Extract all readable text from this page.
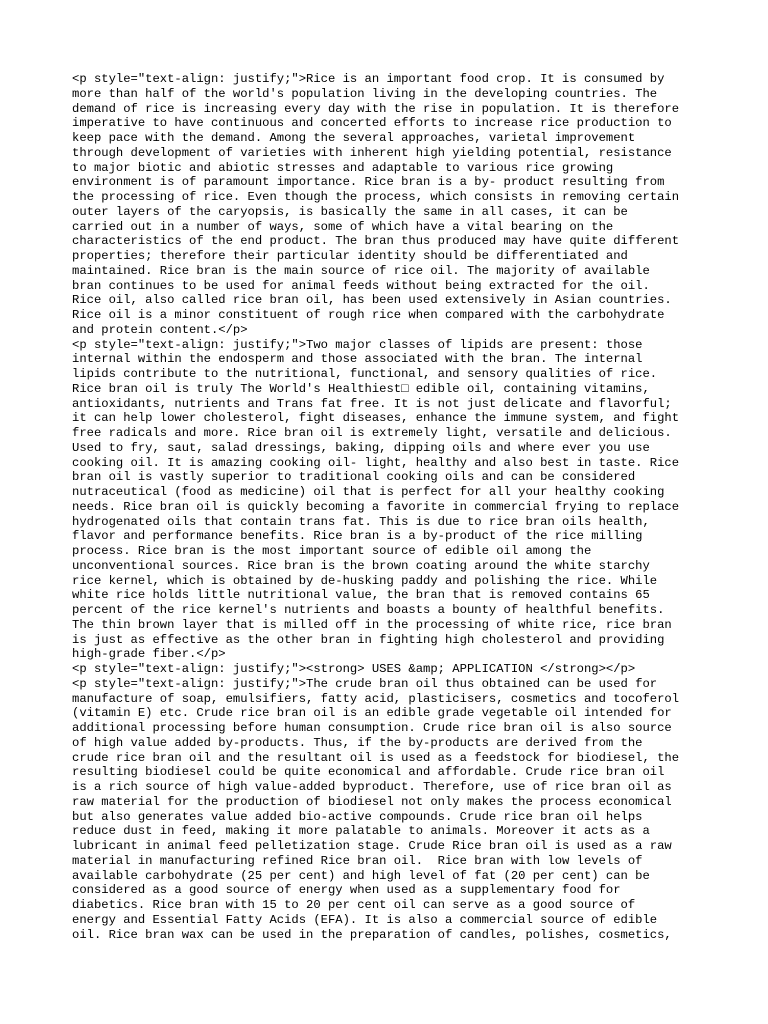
<p style="text-align: justify;">Rice is an important food crop. It is consumed by
more than half of the world's population living in the developing countries. The
demand of rice is increasing every day with the rise in population. It is therefore
imperative to have continuous and concerted efforts to increase rice production to
keep pace with the demand. Among the several approaches, varietal improvement
through development of varieties with inherent high yielding potential, resistance
to major biotic and abiotic stresses and adaptable to various rice growing
environment is of paramount importance. Rice bran is a by- product resulting from
the processing of rice. Even though the process, which consists in removing certain
outer layers of the caryopsis, is basically the same in all cases, it can be
carried out in a number of ways, some of which have a vital bearing on the
characteristics of the end product. The bran thus produced may have quite different
properties; therefore their particular identity should be differentiated and
maintained. Rice bran is the main source of rice oil. The majority of available
bran continues to be used for animal feeds without being extracted for the oil.
Rice oil, also called rice bran oil, has been used extensively in Asian countries.
Rice oil is a minor constituent of rough rice when compared with the carbohydrate
and protein content.</p>
<p style="text-align: justify;">Two major classes of lipids are present: those
internal within the endosperm and those associated with the bran. The internal
lipids contribute to the nutritional, functional, and sensory qualities of rice.
Rice bran oil is truly The World's Healthiest□ edible oil, containing vitamins,
antioxidants, nutrients and Trans fat free. It is not just delicate and flavorful;
it can help lower cholesterol, fight diseases, enhance the immune system, and fight
free radicals and more. Rice bran oil is extremely light, versatile and delicious.
Used to fry, saut, salad dressings, baking, dipping oils and where ever you use
cooking oil. It is amazing cooking oil- light, healthy and also best in taste. Rice
bran oil is vastly superior to traditional cooking oils and can be considered
nutraceutical (food as medicine) oil that is perfect for all your healthy cooking
needs. Rice bran oil is quickly becoming a favorite in commercial frying to replace
hydrogenated oils that contain trans fat. This is due to rice bran oils health,
flavor and performance benefits. Rice bran is a by-product of the rice milling
process. Rice bran is the most important source of edible oil among the
unconventional sources. Rice bran is the brown coating around the white starchy
rice kernel, which is obtained by de-husking paddy and polishing the rice. While
white rice holds little nutritional value, the bran that is removed contains 65
percent of the rice kernel's nutrients and boasts a bounty of healthful benefits.
The thin brown layer that is milled off in the processing of white rice, rice bran
is just as effective as the other bran in fighting high cholesterol and providing
high-grade fiber.</p>
<p style="text-align: justify;"><strong> USES &amp; APPLICATION </strong></p>
<p style="text-align: justify;">The crude bran oil thus obtained can be used for
manufacture of soap, emulsifiers, fatty acid, plasticisers, cosmetics and tocoferol
(vitamin E) etc. Crude rice bran oil is an edible grade vegetable oil intended for
additional processing before human consumption. Crude rice bran oil is also source
of high value added by-products. Thus, if the by-products are derived from the
crude rice bran oil and the resultant oil is used as a feedstock for biodiesel, the
resulting biodiesel could be quite economical and affordable. Crude rice bran oil
is a rich source of high value-added byproduct. Therefore, use of rice bran oil as
raw material for the production of biodiesel not only makes the process economical
but also generates value added bio-active compounds. Crude rice bran oil helps
reduce dust in feed, making it more palatable to animals. Moreover it acts as a
lubricant in animal feed pelletization stage. Crude Rice bran oil is used as a raw
material in manufacturing refined Rice bran oil.  Rice bran with low levels of
available carbohydrate (25 per cent) and high level of fat (20 per cent) can be
considered as a good source of energy when used as a supplementary food for
diabetics. Rice bran with 15 to 20 per cent oil can serve as a good source of
energy and Essential Fatty Acids (EFA). It is also a commercial source of edible
oil. Rice bran wax can be used in the preparation of candles, polishes, cosmetics,
